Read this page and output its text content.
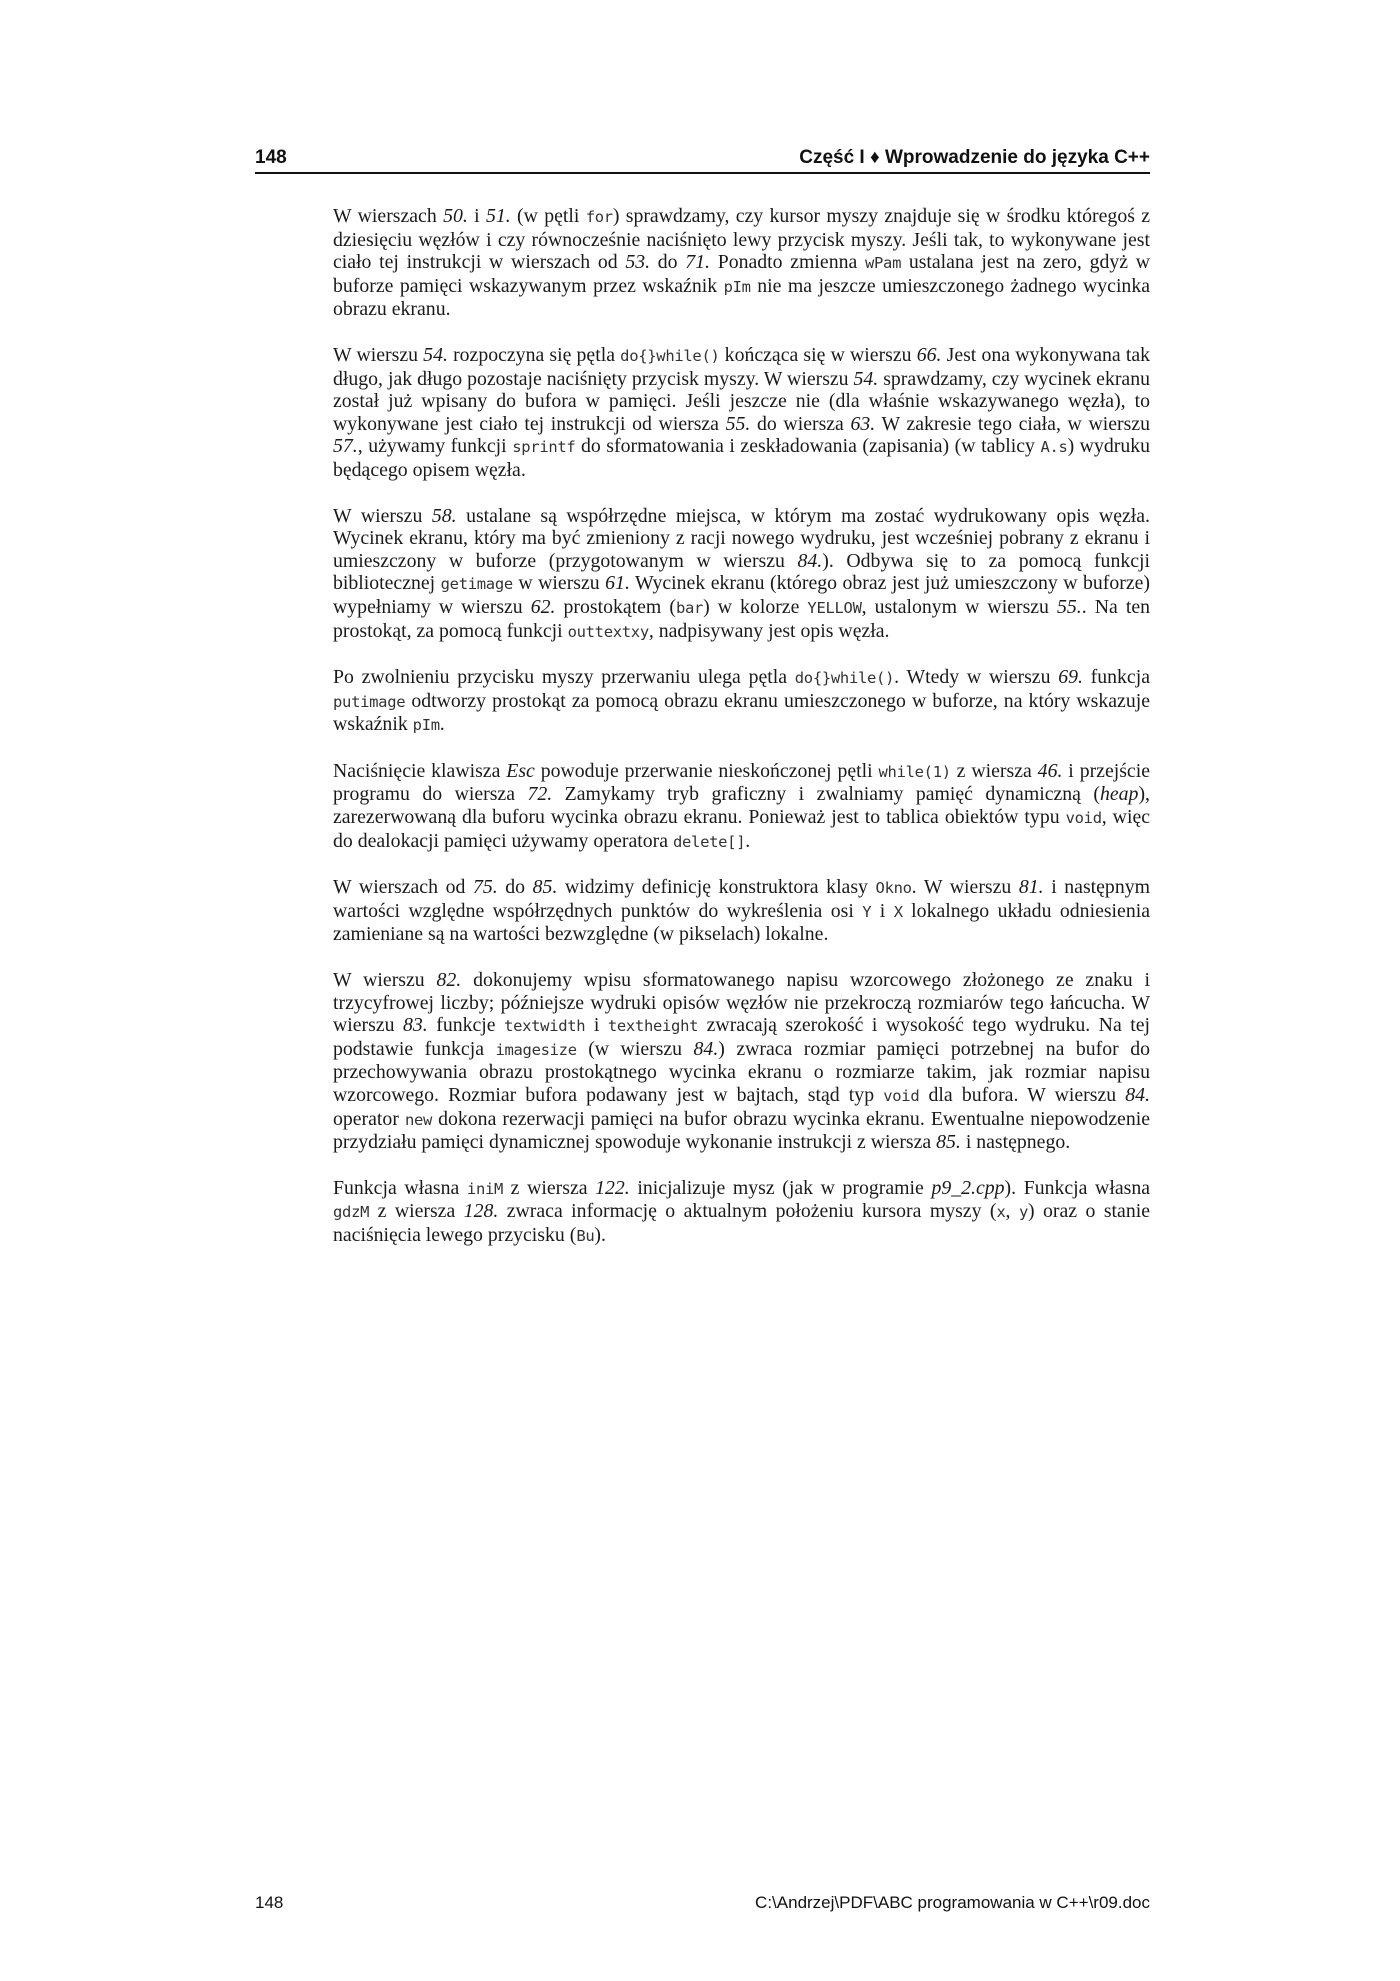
148	Część I ♦ Wprowadzenie do języka C++

W wierszach 50. i 51. (w pętli for) sprawdzamy, czy kursor myszy znajduje się w środku któregoś z dziesięciu węzłów i czy równocześnie naciśnięto lewy przycisk myszy. Jeśli tak, to wykonywane jest ciało tej instrukcji w wierszach od 53. do 71. Ponadto zmienna wPam ustalana jest na zero, gdyż w buforze pamięci wskazywanym przez wskaźnik pIm nie ma jeszcze umieszczonego żadnego wycinka obrazu ekranu.

W wierszu 54. rozpoczyna się pętla do{}while() kończąca się w wierszu 66. Jest ona wykonywana tak długo, jak długo pozostaje naciśnięty przycisk myszy. W wierszu 54. sprawdzamy, czy wycinek ekranu został już wpisany do bufora w pamięci. Jeśli jeszcze nie (dla właśnie wskazywanego węzła), to wykonywane jest ciało tej instrukcji od wiersza 55. do wiersza 63. W zakresie tego ciała, w wierszu 57., używamy funkcji sprintf do sformatowania i zeskładowania (zapisania) (w tablicy A.s) wydruku będącego opisem węzła.

W wierszu 58. ustalane są współrzędne miejsca, w którym ma zostać wydrukowany opis węzła. Wycinek ekranu, który ma być zmieniony z racji nowego wydruku, jest wcześniej pobrany z ekranu i umieszczony w buforze (przygotowanym w wierszu 84.). Odbywa się to za pomocą funkcji bibliotecznej getimage w wierszu 61. Wycinek ekranu (którego obraz jest już umieszczony w buforze) wypełniamy w wierszu 62. prostokątem (bar) w kolorze YELLOW, ustalonym w wierszu 55.. Na ten prostokąt, za pomocą funkcji outtextxy, nadpisywany jest opis węzła.

Po zwolnieniu przycisku myszy przerwaniu ulega pętla do{}while(). Wtedy w wierszu 69. funkcja putimage odtworzy prostokąt za pomocą obrazu ekranu umieszczonego w buforze, na który wskazuje wskaźnik pIm.

Naciśnięcie klawisza Esc powoduje przerwanie nieskończonej pętli while(1) z wiersza 46. i przejście programu do wiersza 72. Zamykamy tryb graficzny i zwalniamy pamięć dynamiczną (heap), zarezerwowaną dla buforu wycinka obrazu ekranu. Ponieważ jest to tablica obiektów typu void, więc do dealokacji pamięci używamy operatora delete[].

W wierszach od 75. do 85. widzimy definicję konstruktora klasy Okno. W wierszu 81. i następnym wartości względne współrzędnych punktów do wykreślenia osi Y i X lokalnego układu odniesienia zamieniane są na wartości bezwzględne (w pikselach) lokalne.

W wierszu 82. dokonujemy wpisu sformatowanego napisu wzorcowego złożonego ze znaku i trzycyfrowej liczby; późniejsze wydruki opisów węzłów nie przekroczą rozmiarów tego łańcucha. W wierszu 83. funkcje textwidth i textheight zwracają szerokość i wysokość tego wydruku. Na tej podstawie funkcja imagesize (w wierszu 84.) zwraca rozmiar pamięci potrzebnej na bufor do przechowywania obrazu prostokątnego wycinka ekranu o rozmiarze takim, jak rozmiar napisu wzorcowego. Rozmiar bufora podawany jest w bajtach, stąd typ void dla bufora. W wierszu 84. operator new dokona rezerwacji pamięci na bufor obrazu wycinka ekranu. Ewentualne niepowodzenie przydziału pamięci dynamicznej spowoduje wykonanie instrukcji z wiersza 85. i następnego.

Funkcja własna iniM z wiersza 122. inicjalizuje mysz (jak w programie p9_2.cpp). Funkcja własna gdzM z wiersza 128. zwraca informację o aktualnym położeniu kursora myszy (x, y) oraz o stanie naciśnięcia lewego przycisku (Bu).

148	C:\Andrzej\PDF\ABC programowania w C++\r09.doc
